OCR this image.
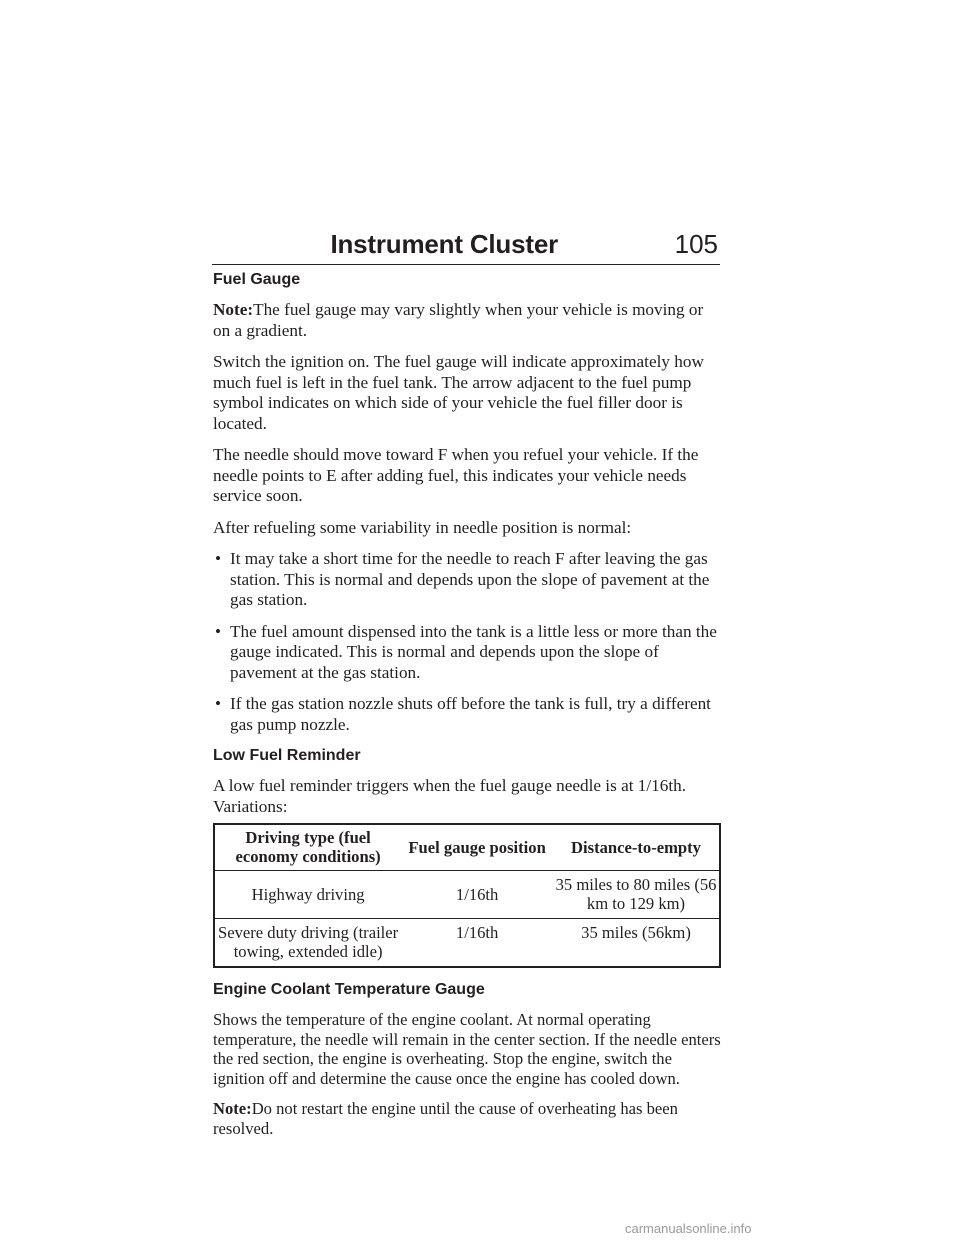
Instrument Cluster	105
Fuel Gauge

Note:The fuel gauge may vary slightly when your vehicle is moving or on a gradient.

Switch the ignition on. The fuel gauge will indicate approximately how much fuel is left in the fuel tank. The arrow adjacent to the fuel pump symbol indicates on which side of your vehicle the fuel filler door is located.

The needle should move toward F when you refuel your vehicle. If the needle points to E after adding fuel, this indicates your vehicle needs service soon.

After refueling some variability in needle position is normal:

• It may take a short time for the needle to reach F after leaving the gas station. This is normal and depends upon the slope of pavement at the gas station.
• The fuel amount dispensed into the tank is a little less or more than the gauge indicated. This is normal and depends upon the slope of pavement at the gas station.
• If the gas station nozzle shuts off before the tank is full, try a different gas pump nozzle.
Low Fuel Reminder

A low fuel reminder triggers when the fuel gauge needle is at 1/16th. Variations:

Driving type (fuel economy conditions)	Fuel gauge position	Distance-to-empty
Highway driving	1/16th	35 miles to 80 miles (56 km to 129 km)
Severe duty driving (trailer towing, extended idle)	1/16th	35 miles (56km)
Engine Coolant Temperature Gauge

Shows the temperature of the engine coolant. At normal operating temperature, the needle will remain in the center section. If the needle enters the red section, the engine is overheating. Stop the engine, switch the ignition off and determine the cause once the engine has cooled down.

Note:Do not restart the engine until the cause of overheating has been resolved.

carmanualsonline.info
